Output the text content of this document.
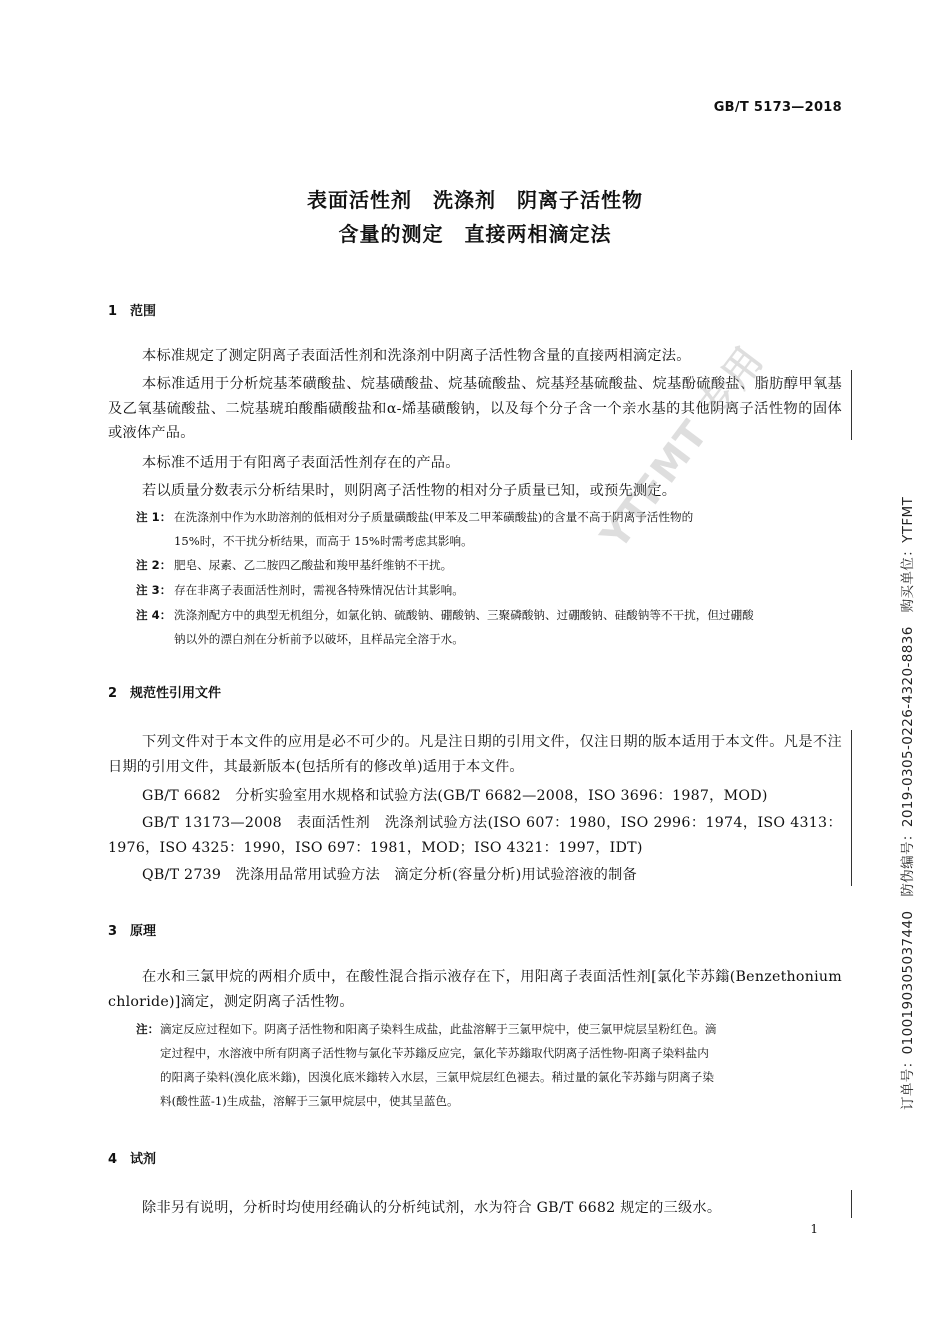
GB/T 5173—2018
表面活性剂　洗涤剂　阴离子活性物
含量的测定　直接两相滴定法
1　范围
本标准规定了测定阴离子表面活性剂和洗涤剂中阴离子活性物含量的直接两相滴定法。
本标准适用于分析烷基苯磺酸盐、烷基磺酸盐、烷基硫酸盐、烷基羟基硫酸盐、烷基酚硫酸盐、脂肪醇甲氧基及乙氧基硫酸盐、二烷基琥珀酸酯磺酸盐和α-烯基磺酸钠，以及每个分子含一个亲水基的其他阴离子活性物的固体或液体产品。
本标准不适用于有阳离子表面活性剂存在的产品。
若以质量分数表示分析结果时，则阴离子活性物的相对分子质量已知，或预先测定。
注 1： 在洗涤剂中作为水助溶剂的低相对分子质量磺酸盐(甲苯及二甲苯磺酸盐)的含量不高于阴离子活性物的
15%时，不干扰分析结果，而高于 15%时需考虑其影响。
注 2： 肥皂、尿素、乙二胺四乙酸盐和羧甲基纤维钠不干扰。
注 3： 存在非离子表面活性剂时，需视各特殊情况估计其影响。
注 4： 洗涤剂配方中的典型无机组分，如氯化钠、硫酸钠、硼酸钠、三聚磷酸钠、过硼酸钠、硅酸钠等不干扰，但过硼酸
钠以外的漂白剂在分析前予以破坏，且样品完全溶于水。
2　规范性引用文件
下列文件对于本文件的应用是必不可少的。凡是注日期的引用文件，仅注日期的版本适用于本文件。凡是不注日期的引用文件，其最新版本(包括所有的修改单)适用于本文件。
GB/T 6682　分析实验室用水规格和试验方法(GB/T 6682—2008，ISO 3696：1987，MOD)
GB/T 13173—2008　表面活性剂　洗涤剂试验方法(ISO 607：1980，ISO 2996：1974，ISO 4313：1976，ISO 4325：1990，ISO 697：1981，MOD；ISO 4321：1997，IDT)
QB/T 2739　洗涤用品常用试验方法　滴定分析(容量分析)用试验溶液的制备
3　原理
在水和三氯甲烷的两相介质中，在酸性混合指示液存在下，用阳离子表面活性剂[氯化苄苏鎓(Benzethonium chloride)]滴定，测定阴离子活性物。
注：滴定反应过程如下。阴离子活性物和阳离子染料生成盐，此盐溶解于三氯甲烷中，使三氯甲烷层呈粉红色。滴
定过程中，水溶液中所有阴离子活性物与氯化苄苏鎓反应完，氯化苄苏鎓取代阴离子活性物-阳离子染料盐内
的阳离子染料(溴化底米鎓)，因溴化底米鎓转入水层，三氯甲烷层红色褪去。稍过量的氯化苄苏鎓与阴离子染
料(酸性蓝-1)生成盐，溶解于三氯甲烷层中，使其呈蓝色。
4　试剂
除非另有说明，分析时均使用经确认的分析纯试剂，水为符合 GB/T 6682 规定的三级水。
YTFMT 专用
订单号：0100190305037440　防伪编号：2019-0305-0226-4320-8836　购买单位：YTFMT
1
